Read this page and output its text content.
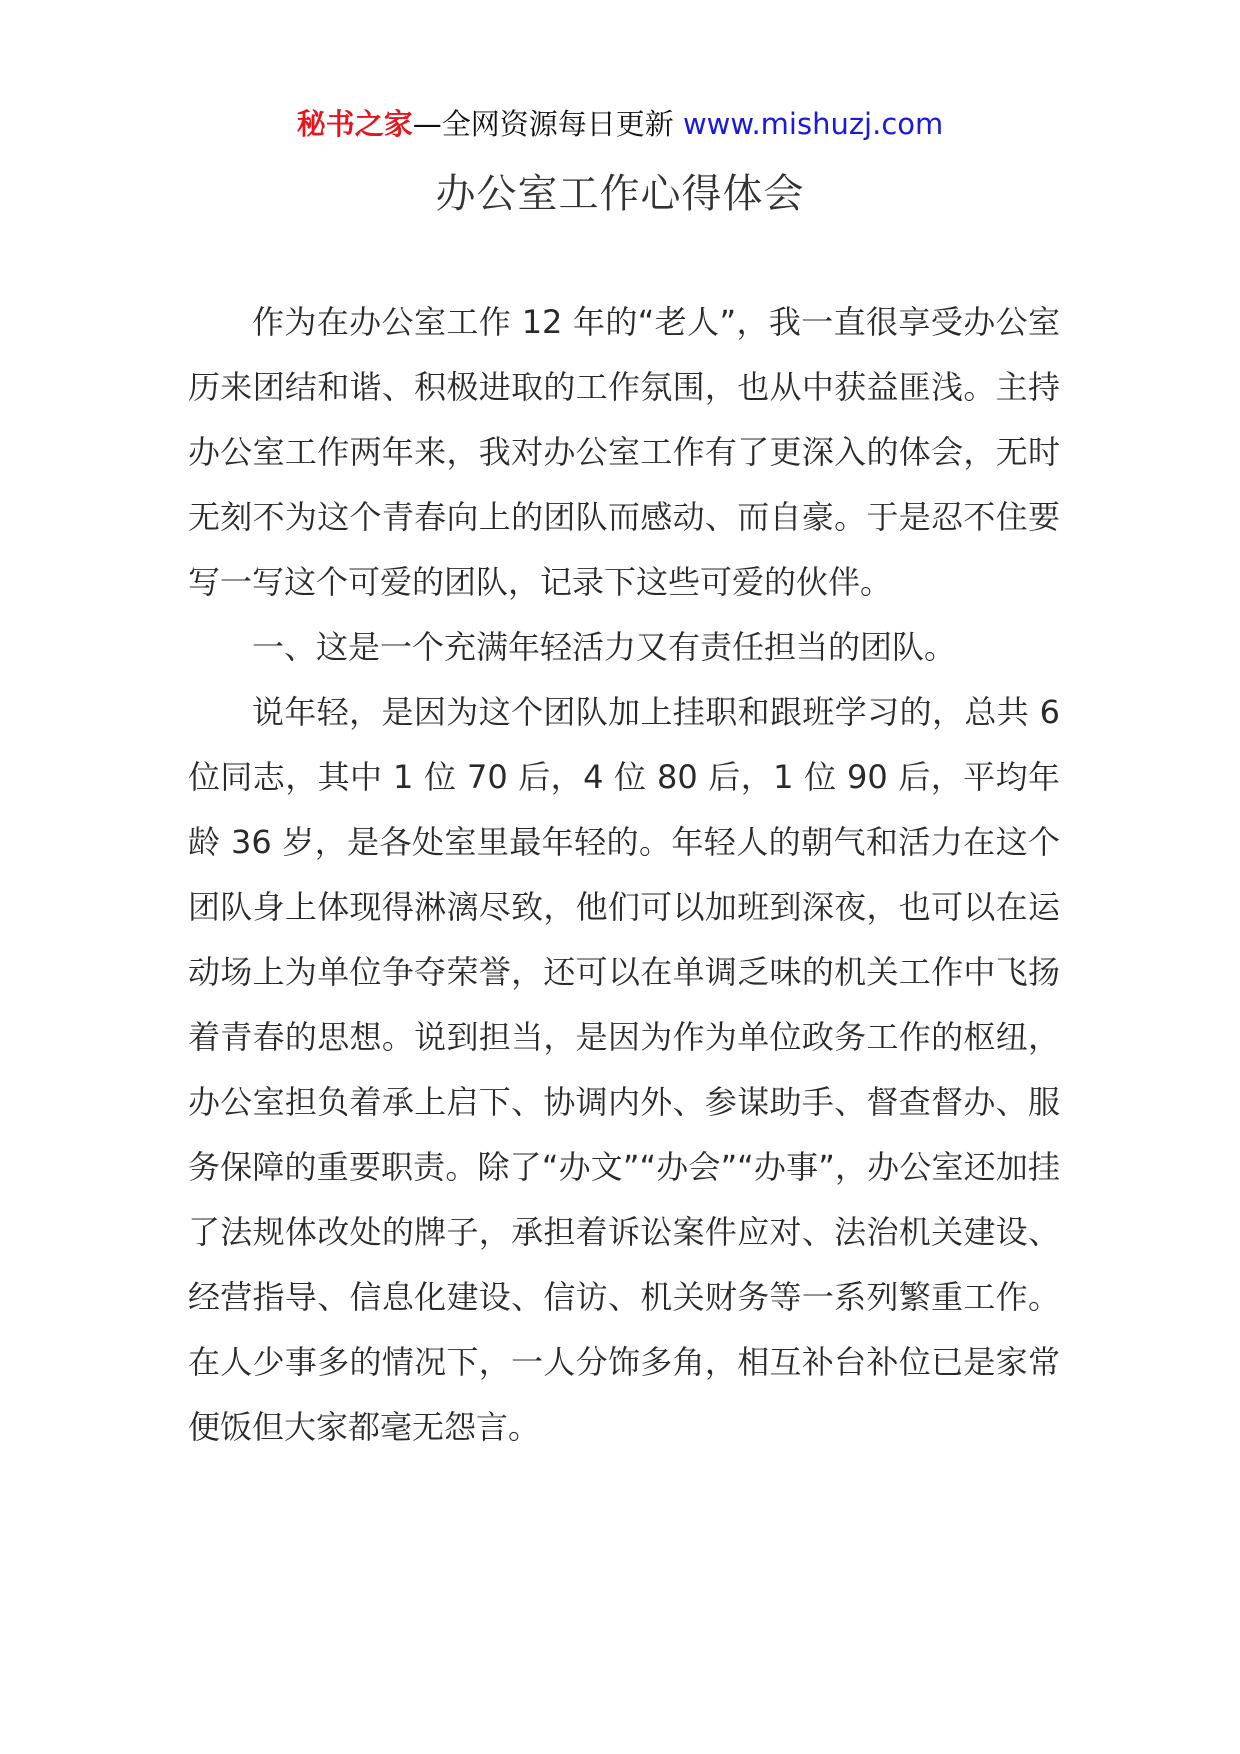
秘书之家—全网资源每日更新 www.mishuzj.com
办公室工作心得体会

作为在办公室工作 12 年的“老人”，我一直很享受办公室历来团结和谐、积极进取的工作氛围，也从中获益匪浅。主持办公室工作两年来，我对办公室工作有了更深入的体会，无时无刻不为这个青春向上的团队而感动、而自豪。于是忍不住要写一写这个可爱的团队，记录下这些可爱的伙伴。

一、这是一个充满年轻活力又有责任担当的团队。

说年轻，是因为这个团队加上挂职和跟班学习的，总共 6 位同志，其中 1 位 70 后，4 位 80 后，1 位 90 后，平均年龄 36 岁，是各处室里最年轻的。年轻人的朝气和活力在这个团队身上体现得淋漓尽致，他们可以加班到深夜，也可以在运动场上为单位争夺荣誉，还可以在单调乏味的机关工作中飞扬着青春的思想。说到担当，是因为作为单位政务工作的枢纽，办公室担负着承上启下、协调内外、参谋助手、督查督办、服务保障的重要职责。除了“办文”“办会”“办事”，办公室还加挂了法规体改处的牌子，承担着诉讼案件应对、法治机关建设、经营指导、信息化建设、信访、机关财务等一系列繁重工作。在人少事多的情况下，一人分饰多角，相互补台补位已是家常便饭但大家都毫无怨言。
